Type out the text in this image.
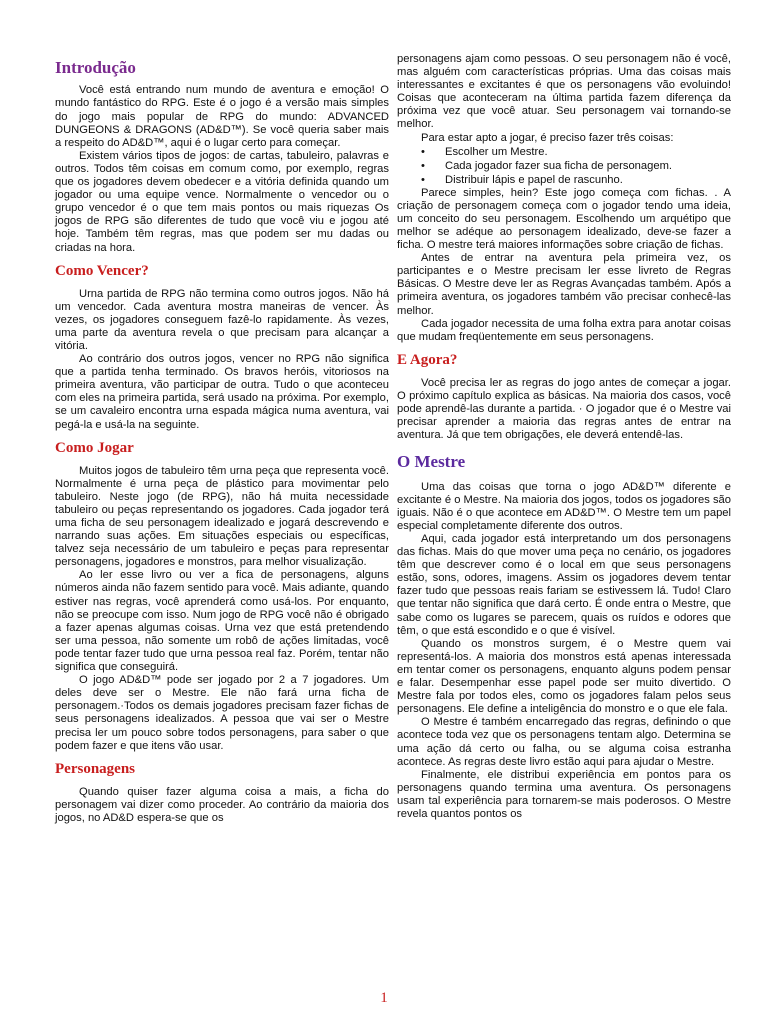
Introdução

Você está entrando num mundo de aventura e emoção! O mundo fantástico do RPG. Este é o jogo é a versão mais simples do jogo mais popular de RPG do mundo: ADVANCED DUNGEONS & DRAGONS (AD&D™). Se você queria saber mais a respeito do AD&D™, aqui é o lugar certo para começar.

Existem vários tipos de jogos: de cartas, tabuleiro, palavras e outros. Todos têm coisas em comum como, por exemplo, regras que os jogadores devem obedecer e a vitória definida quando um jogador ou uma equipe vence. Normalmente o vencedor ou o grupo vencedor é o que tem mais pontos ou mais riquezas Os jogos de RPG são diferentes de tudo que você viu e jogou até hoje. Também têm regras, mas que podem ser mu dadas ou criadas na hora.

Como Vencer?

Urna partida de RPG não termina como outros jogos. Não há um vencedor. Cada aventura mostra maneiras de vencer. Às vezes, os jogadores conseguem fazê-lo rapidamente. Às vezes, uma parte da aventura revela o que precisam para alcançar a vitória.

Ao contrário dos outros jogos, vencer no RPG não significa que a partida tenha terminado. Os bravos heróis, vitoriosos na primeira aventura, vão participar de outra. Tudo o que aconteceu com eles na primeira partida, será usado na próxima. Por exemplo, se um cavaleiro encontra urna espada mágica numa aventura, vai pegá-la e usá-la na seguinte.

Como Jogar

Muitos jogos de tabuleiro têm urna peça que representa você. Normalmente é urna peça de plástico para movimentar pelo tabuleiro. Neste jogo (de RPG), não há muita necessidade tabuleiro ou peças representando os jogadores. Cada jogador terá uma ficha de seu personagem idealizado e jogará descrevendo e narrando suas ações. Em situações especiais ou específicas, talvez seja necessário de um tabuleiro e peças para representar personagens, jogadores e monstros, para melhor visualização.

Ao ler esse livro ou ver a fica de personagens, alguns números ainda não fazem sentido para você. Mais adiante, quando estiver nas regras, você aprenderá como usá-los. Por enquanto, não se preocupe com isso. Num jogo de RPG você não é obrigado a fazer apenas algumas coisas. Urna vez que está pretendendo ser uma pessoa, não somente um robô de ações limitadas, você pode tentar fazer tudo que urna pessoa real faz. Porém, tentar não significa que conseguirá.

O jogo AD&D™ pode ser jogado por 2 a 7 jogadores. Um deles deve ser o Mestre. Ele não fará urna ficha de personagem.·Todos os demais jogadores precisam fazer fichas de seus personagens idealizados. A pessoa que vai ser o Mestre precisa ler um pouco sobre todos personagens, para saber o que podem fazer e que itens vão usar.

Personagens

Quando quiser fazer alguma coisa a mais, a ficha do personagem vai dizer como proceder. Ao contrário da maioria dos jogos, no AD&D espera-se que os

personagens ajam como pessoas. O seu personagem não é você, mas alguém com características próprias. Uma das coisas mais interessantes e excitantes é que os personagens vão evoluindo! Coisas que aconteceram na última partida fazem diferença da próxima vez que você atuar. Seu personagem vai tornando-se melhor.

Para estar apto a jogar, é preciso fazer três coisas:

• Escolher um Mestre.
• Cada jogador fazer sua ficha de personagem.
• Distribuir lápis e papel de rascunho.

Parece simples, hein? Este jogo começa com fichas. . A criação de personagem começa com o jogador tendo uma ideia, um conceito do seu personagem. Escolhendo um arquétipo que melhor se adéque ao personagem idealizado, deve-se fazer a ficha. O mestre terá maiores informações sobre criação de fichas.

Antes de entrar na aventura pela primeira vez, os participantes e o Mestre precisam ler esse livreto de Regras Básicas. O Mestre deve ler as Regras Avançadas também. Após a primeira aventura, os jogadores também vão precisar conhecê-las melhor.

Cada jogador necessita de uma folha extra para anotar coisas que mudam freqüentemente em seus personagens.

E Agora?

Você precisa ler as regras do jogo antes de começar a jogar. O próximo capítulo explica as básicas. Na maioria dos casos, você pode aprendê-las durante a partida. · O jogador que é o Mestre vai precisar aprender a maioria das regras antes de entrar na aventura. Já que tem obrigações, ele deverá entendê-las.

O Mestre

Uma das coisas que torna o jogo AD&D™ diferente e excitante é o Mestre. Na maioria dos jogos, todos os jogadores são iguais. Não é o que acontece em AD&D™. O Mestre tem um papel especial completamente diferente dos outros.

Aqui, cada jogador está interpretando um dos personagens das fichas. Mais do que mover uma peça no cenário, os jogadores têm que descrever como é o local em que seus personagens estão, sons, odores, imagens. Assim os jogadores devem tentar fazer tudo que pessoas reais fariam se estivessem lá. Tudo! Claro que tentar não significa que dará certo. É onde entra o Mestre, que sabe como os lugares se parecem, quais os ruídos e odores que têm, o que está escondido e o que é visível.

Quando os monstros surgem, é o Mestre quem vai representá-los. A maioria dos monstros está apenas interessada em tentar comer os personagens, enquanto alguns podem pensar e falar. Desempenhar esse papel pode ser muito divertido. O Mestre fala por todos eles, como os jogadores falam pelos seus personagens. Ele define a inteligência do monstro e o que ele fala.

O Mestre é também encarregado das regras, definindo o que acontece toda vez que os personagens tentam algo. Determina se uma ação dá certo ou falha, ou se alguma coisa estranha acontece. As regras deste livro estão aqui para ajudar o Mestre.

Finalmente, ele distribui experiência em pontos para os personagens quando termina uma aventura. Os personagens usam tal experiência para tornarem-se mais poderosos. O Mestre revela quantos pontos os

1
